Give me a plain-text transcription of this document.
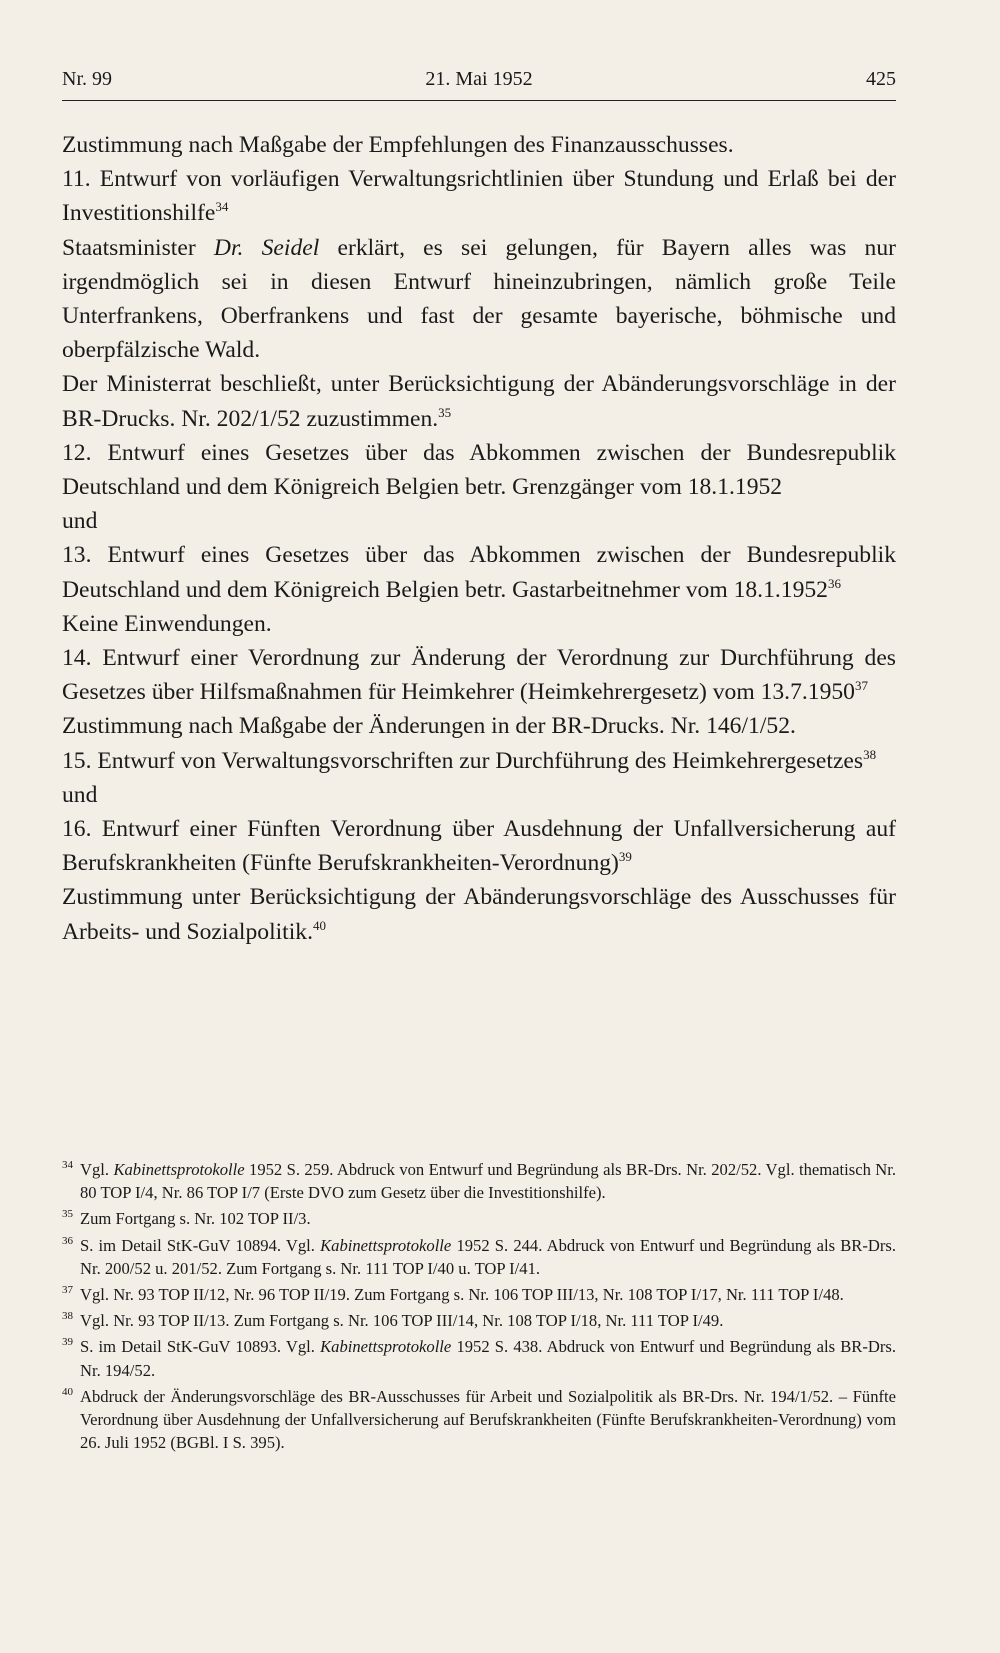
Nr. 99	21. Mai 1952	425

Zustimmung nach Maßgabe der Empfehlungen des Finanzausschusses.

11. Entwurf von vorläufigen Verwaltungsrichtlinien über Stundung und Erlaß bei der Investitionshilfe$^{34}$

Staatsminister Dr. Seidel erklärt, es sei gelungen, für Bayern alles was nur irgendmöglich sei in diesen Entwurf hineinzubringen, nämlich große Teile Unterfrankens, Oberfrankens und fast der gesamte bayerische, böhmische und oberpfälzische Wald.

Der Ministerrat beschließt, unter Berücksichtigung der Abänderungsvorschläge in der BR-Drucks. Nr. 202/1/52 zuzustimmen.$^{35}$

12. Entwurf eines Gesetzes über das Abkommen zwischen der Bundesrepublik Deutschland und dem Königreich Belgien betr. Grenzgänger vom 18.1.1952

und

13. Entwurf eines Gesetzes über das Abkommen zwischen der Bundesrepublik Deutschland und dem Königreich Belgien betr. Gastarbeitnehmer vom 18.1.1952$^{36}$

Keine Einwendungen.

14. Entwurf einer Verordnung zur Änderung der Verordnung zur Durchführung des Gesetzes über Hilfsmaßnahmen für Heimkehrer (Heimkehrergesetz) vom 13.7.1950$^{37}$

Zustimmung nach Maßgabe der Änderungen in der BR-Drucks. Nr. 146/1/52.

15. Entwurf von Verwaltungsvorschriften zur Durchführung des Heimkehrergesetzes$^{38}$

und

16. Entwurf einer Fünften Verordnung über Ausdehnung der Unfallversicherung auf Berufskrankheiten (Fünfte Berufskrankheiten-Verordnung)$^{39}$

Zustimmung unter Berücksichtigung der Abänderungsvorschläge des Ausschusses für Arbeits- und Sozialpolitik.$^{40}$

34 Vgl. Kabinettsprotokolle 1952 S. 259. Abdruck von Entwurf und Begründung als BR-Drs. Nr. 202/52. Vgl. thematisch Nr. 80 TOP I/4, Nr. 86 TOP I/7 (Erste DVO zum Gesetz über die Investitionshilfe).
35 Zum Fortgang s. Nr. 102 TOP II/3.
36 S. im Detail StK-GuV 10894. Vgl. Kabinettsprotokolle 1952 S. 244. Abdruck von Entwurf und Begründung als BR-Drs. Nr. 200/52 u. 201/52. Zum Fortgang s. Nr. 111 TOP I/40 u. TOP I/41.
37 Vgl. Nr. 93 TOP II/12, Nr. 96 TOP II/19. Zum Fortgang s. Nr. 106 TOP III/13, Nr. 108 TOP I/17, Nr. 111 TOP I/48.
38 Vgl. Nr. 93 TOP II/13. Zum Fortgang s. Nr. 106 TOP III/14, Nr. 108 TOP I/18, Nr. 111 TOP I/49.
39 S. im Detail StK-GuV 10893. Vgl. Kabinettsprotokolle 1952 S. 438. Abdruck von Entwurf und Begründung als BR-Drs. Nr. 194/52.
40 Abdruck der Änderungsvorschläge des BR-Ausschusses für Arbeit und Sozialpolitik als BR-Drs. Nr. 194/1/52. – Fünfte Verordnung über Ausdehnung der Unfallversicherung auf Berufskrankheiten (Fünfte Berufskrankheiten-Verordnung) vom 26. Juli 1952 (BGBl. I S. 395).
